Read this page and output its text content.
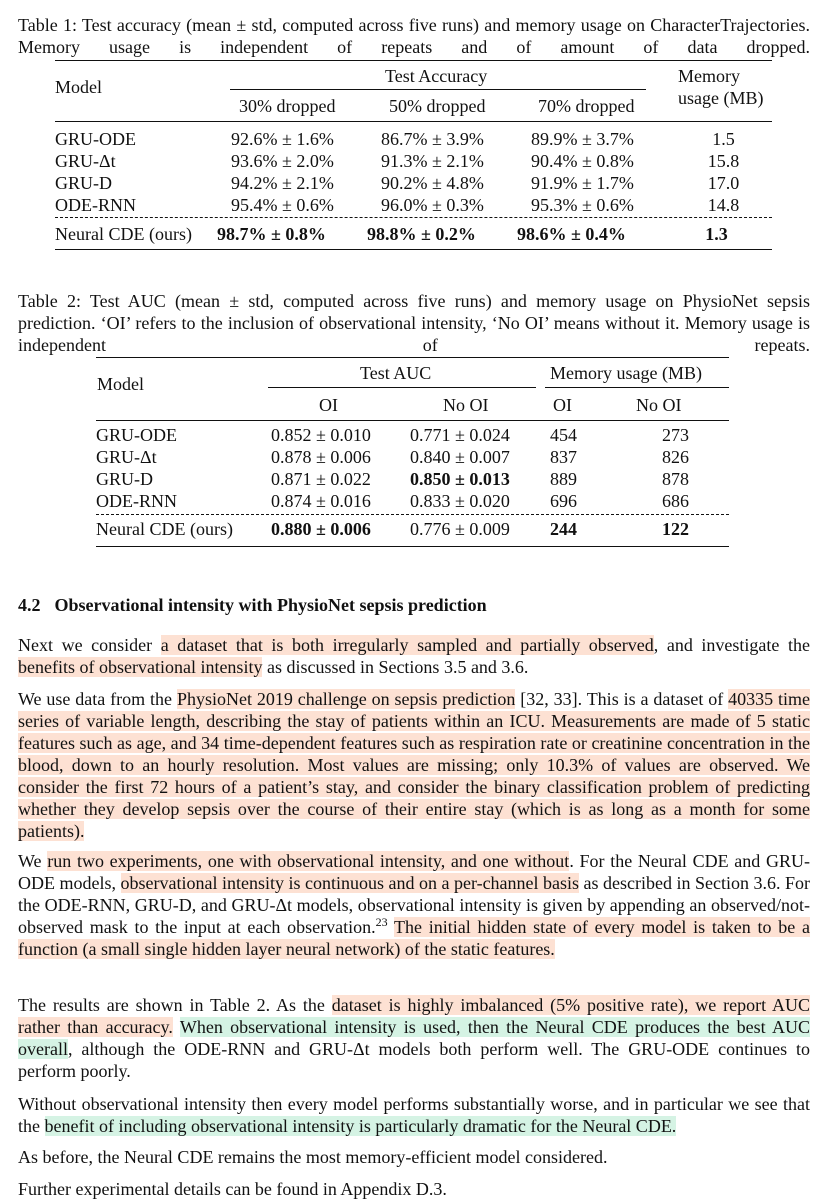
Table 1: Test accuracy (mean ± std, computed across five runs) and memory usage on CharacterTrajectories. Memory usage is independent of repeats and of amount of data dropped.
Model
Test Accuracy
30% dropped	50% dropped	70% dropped
Memory
usage (MB)
GRU-ODE	92.6% ± 1.6%	86.7% ± 3.9%	89.9% ± 3.7%	1.5
GRU-Δt	93.6% ± 2.0%	91.3% ± 2.1%	90.4% ± 0.8%	15.8
GRU-D	94.2% ± 2.1%	90.2% ± 4.8%	91.9% ± 1.7%	17.0
ODE-RNN	95.4% ± 0.6%	96.0% ± 0.3%	95.3% ± 0.6%	14.8
Neural CDE (ours)	98.7% ± 0.8%	98.8% ± 0.2%	98.6% ± 0.4%	1.3
Table 2: Test AUC (mean ± std, computed across five runs) and memory usage on PhysioNet sepsis prediction. ‘OI’ refers to the inclusion of observational intensity, ‘No OI’ means without it. Memory usage is independent of repeats.
Model
Test AUC	Memory usage (MB)
OI	No OI	OI	No OI
GRU-ODE	0.852 ± 0.010	0.771 ± 0.024	454	273
GRU-Δt	0.878 ± 0.006	0.840 ± 0.007	837	826
GRU-D	0.871 ± 0.022	0.850 ± 0.013	889	878
ODE-RNN	0.874 ± 0.016	0.833 ± 0.020	696	686
Neural CDE (ours)	0.880 ± 0.006	0.776 ± 0.009	244	122
4.2 Observational intensity with PhysioNet sepsis prediction
Next we consider a dataset that is both irregularly sampled and partially observed, and investigate the benefits of observational intensity as discussed in Sections 3.5 and 3.6.
We use data from the PhysioNet 2019 challenge on sepsis prediction [32, 33]. This is a dataset of 40335 time series of variable length, describing the stay of patients within an ICU. Measurements are made of 5 static features such as age, and 34 time-dependent features such as respiration rate or creatinine concentration in the blood, down to an hourly resolution. Most values are missing; only 10.3% of values are observed. We consider the first 72 hours of a patient’s stay, and consider the binary classification problem of predicting whether they develop sepsis over the course of their entire stay (which is as long as a month for some patients).
We run two experiments, one with observational intensity, and one without. For the Neural CDE and GRU-ODE models, observational intensity is continuous and on a per-channel basis as described in Section 3.6. For the ODE-RNN, GRU-D, and GRU-Δt models, observational intensity is given by appending an observed/not-observed mask to the input at each observation.$^{23}$ The initial hidden state of every model is taken to be a function (a small single hidden layer neural network) of the static features.
The results are shown in Table 2. As the dataset is highly imbalanced (5% positive rate), we report AUC rather than accuracy. When observational intensity is used, then the Neural CDE produces the best AUC overall, although the ODE-RNN and GRU-Δt models both perform well. The GRU-ODE continues to perform poorly.
Without observational intensity then every model performs substantially worse, and in particular we see that the benefit of including observational intensity is particularly dramatic for the Neural CDE.
As before, the Neural CDE remains the most memory-efficient model considered.
Further experimental details can be found in Appendix D.3.
